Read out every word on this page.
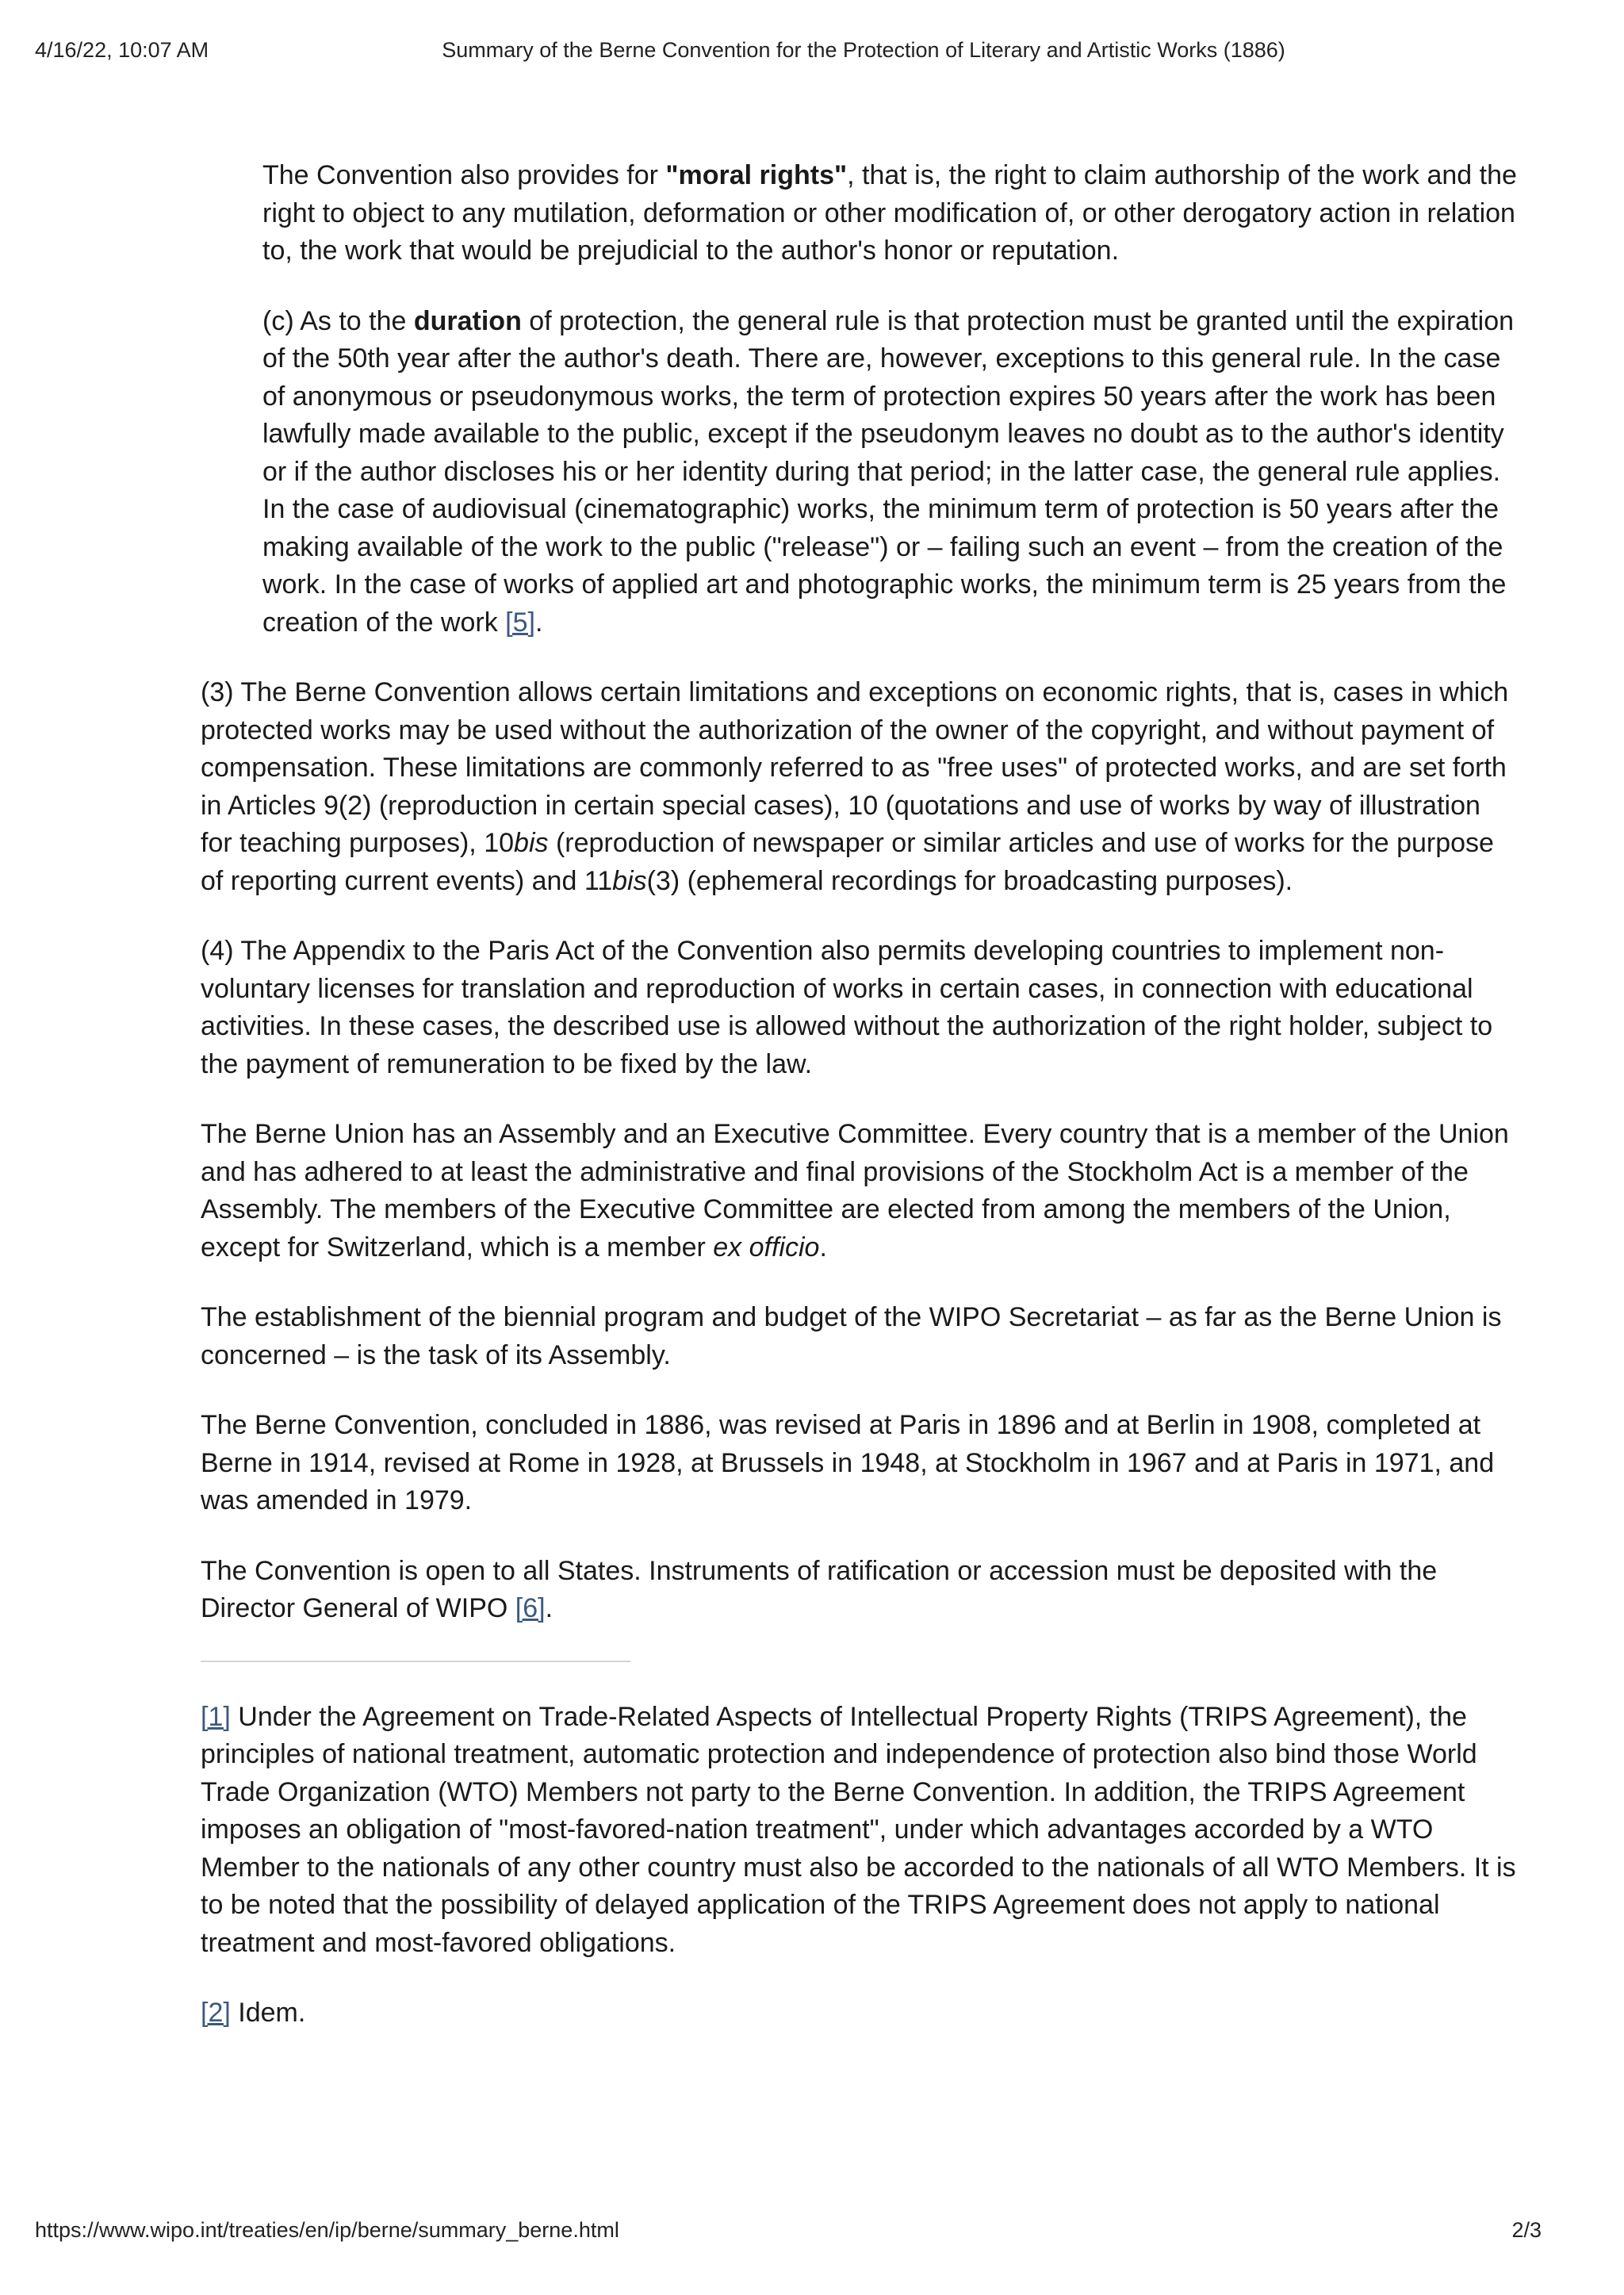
4/16/22, 10:07 AM	Summary of the Berne Convention for the Protection of Literary and Artistic Works (1886)

The Convention also provides for "moral rights", that is, the right to claim authorship of the work and the right to object to any mutilation, deformation or other modification of, or other derogatory action in relation to, the work that would be prejudicial to the author's honor or reputation.

(c) As to the duration of protection, the general rule is that protection must be granted until the expiration of the 50th year after the author's death. There are, however, exceptions to this general rule. In the case of anonymous or pseudonymous works, the term of protection expires 50 years after the work has been lawfully made available to the public, except if the pseudonym leaves no doubt as to the author's identity or if the author discloses his or her identity during that period; in the latter case, the general rule applies. In the case of audiovisual (cinematographic) works, the minimum term of protection is 50 years after the making available of the work to the public ("release") or – failing such an event – from the creation of the work. In the case of works of applied art and photographic works, the minimum term is 25 years from the creation of the work [5].

(3) The Berne Convention allows certain limitations and exceptions on economic rights, that is, cases in which protected works may be used without the authorization of the owner of the copyright, and without payment of compensation. These limitations are commonly referred to as "free uses" of protected works, and are set forth in Articles 9(2) (reproduction in certain special cases), 10 (quotations and use of works by way of illustration for teaching purposes), 10bis (reproduction of newspaper or similar articles and use of works for the purpose of reporting current events) and 11bis(3) (ephemeral recordings for broadcasting purposes).

(4) The Appendix to the Paris Act of the Convention also permits developing countries to implement non-voluntary licenses for translation and reproduction of works in certain cases, in connection with educational activities. In these cases, the described use is allowed without the authorization of the right holder, subject to the payment of remuneration to be fixed by the law.

The Berne Union has an Assembly and an Executive Committee. Every country that is a member of the Union and has adhered to at least the administrative and final provisions of the Stockholm Act is a member of the Assembly. The members of the Executive Committee are elected from among the members of the Union, except for Switzerland, which is a member ex officio.

The establishment of the biennial program and budget of the WIPO Secretariat – as far as the Berne Union is concerned – is the task of its Assembly.

The Berne Convention, concluded in 1886, was revised at Paris in 1896 and at Berlin in 1908, completed at Berne in 1914, revised at Rome in 1928, at Brussels in 1948, at Stockholm in 1967 and at Paris in 1971, and was amended in 1979.

The Convention is open to all States. Instruments of ratification or accession must be deposited with the Director General of WIPO [6].

[1] Under the Agreement on Trade-Related Aspects of Intellectual Property Rights (TRIPS Agreement), the principles of national treatment, automatic protection and independence of protection also bind those World Trade Organization (WTO) Members not party to the Berne Convention. In addition, the TRIPS Agreement imposes an obligation of "most-favored-nation treatment", under which advantages accorded by a WTO Member to the nationals of any other country must also be accorded to the nationals of all WTO Members. It is to be noted that the possibility of delayed application of the TRIPS Agreement does not apply to national treatment and most-favored obligations.

[2] Idem.

https://www.wipo.int/treaties/en/ip/berne/summary_berne.html	2/3
